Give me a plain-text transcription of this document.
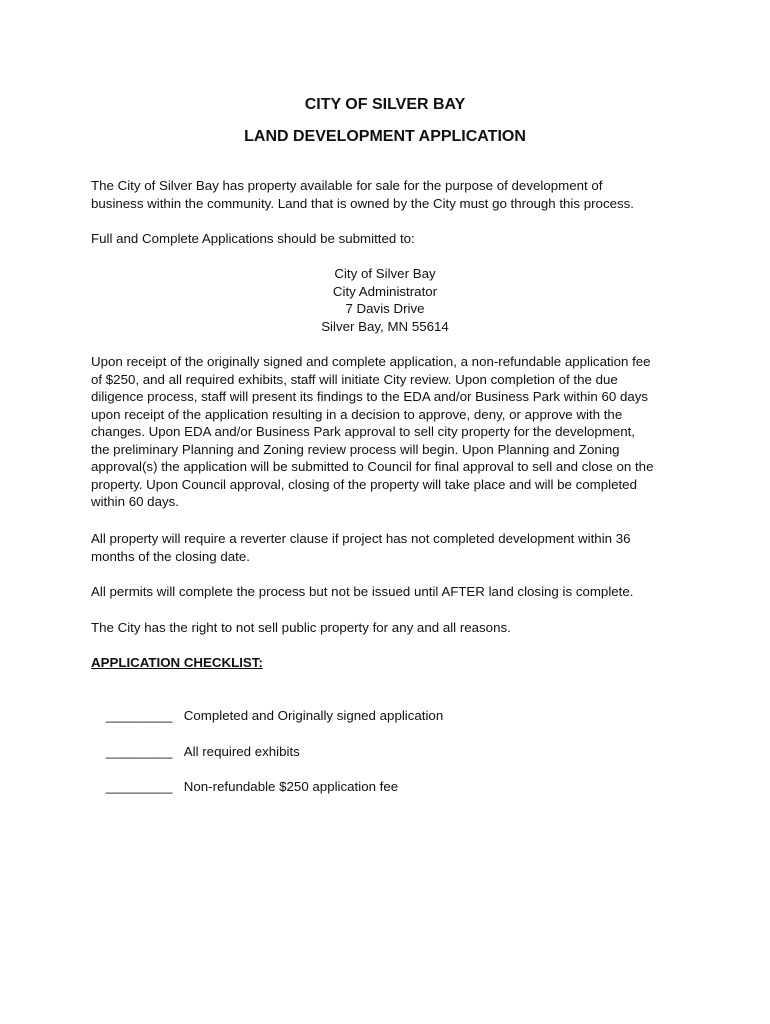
CITY OF SILVER BAY
LAND DEVELOPMENT APPLICATION

The City of Silver Bay has property available for sale for the purpose of development of
business within the community. Land that is owned by the City must go through this process.

Full and Complete Applications should be submitted to:

City of Silver Bay
City Administrator
7 Davis Drive
Silver Bay, MN 55614

Upon receipt of the originally signed and complete application, a non-refundable application fee
of $250, and all required exhibits, staff will initiate City review. Upon completion of the due
diligence process, staff will present its findings to the EDA and/or Business Park within 60 days
upon receipt of the application resulting in a decision to approve, deny, or approve with the
changes. Upon EDA and/or Business Park approval to sell city property for the development,
the preliminary Planning and Zoning review process will begin. Upon Planning and Zoning
approval(s) the application will be submitted to Council for final approval to sell and close on the
property. Upon Council approval, closing of the property will take place and will be completed
within 60 days.

All property will require a reverter clause if project has not completed development within 36
months of the closing date.

All permits will complete the process but not be issued until AFTER land closing is complete.

The City has the right to not sell public property for any and all reasons.

APPLICATION CHECKLIST:

_________ Completed and Originally signed application

_________ All required exhibits

_________ Non-refundable $250 application fee
